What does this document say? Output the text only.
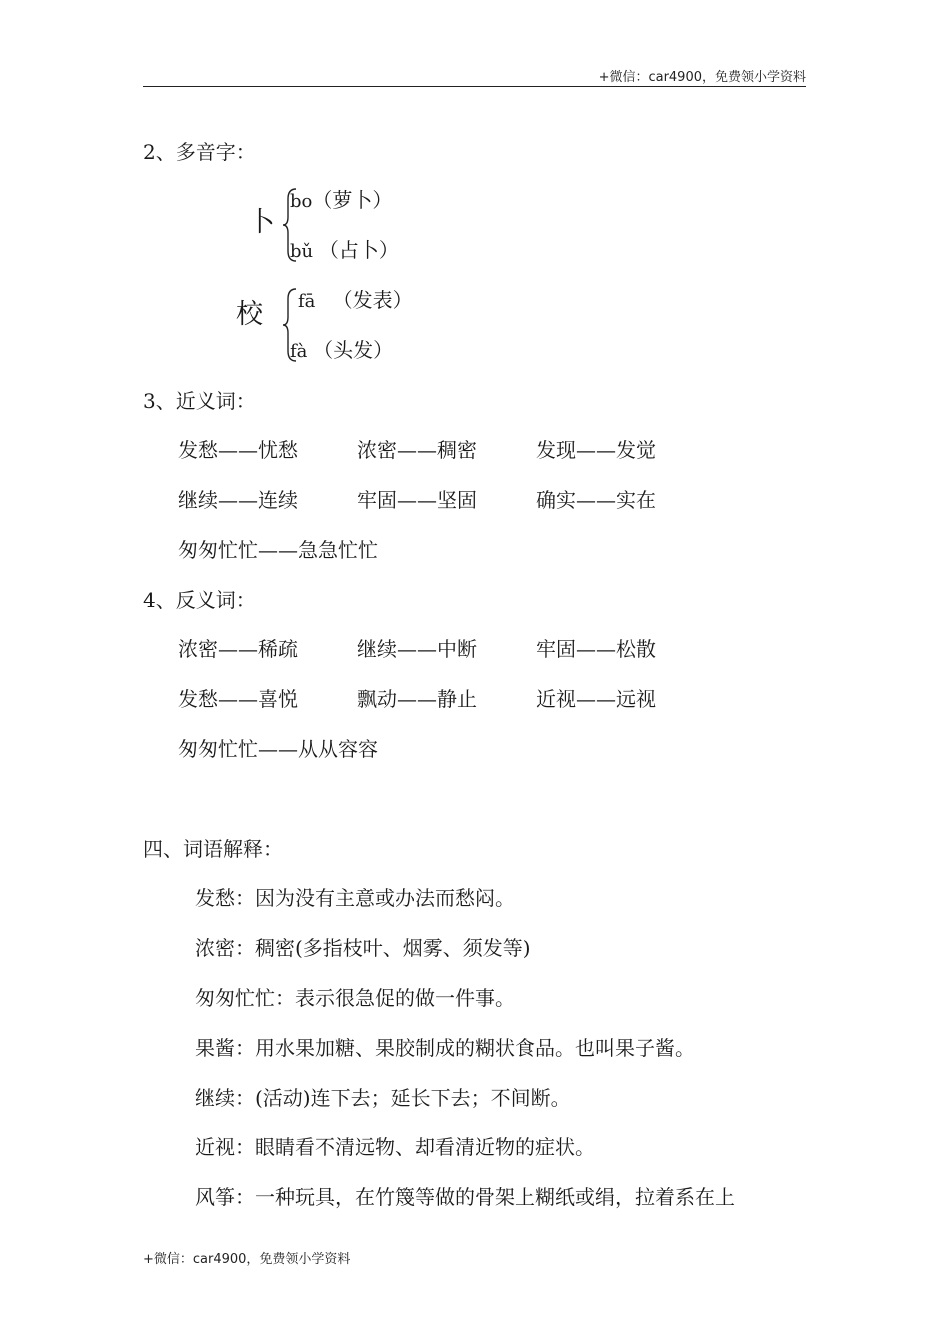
+微信：car4900，免费领小学资料
2、多音字：
卜
bo（萝卜）
bǔ （占卜）
校 fā （发表）
fà （头发）
3、近义词：
发愁——忧愁	浓密——稠密	发现——发觉
继续——连续	牢固——坚固	确实——实在
匆匆忙忙——急急忙忙
4、反义词：
浓密——稀疏	继续——中断	牢固——松散
发愁——喜悦	飘动——静止	近视——远视
匆匆忙忙——从从容容
四、词语解释：
发愁：因为没有主意或办法而愁闷。
浓密：稠密(多指枝叶、烟雾、须发等)
匆匆忙忙：表示很急促的做一件事。
果酱：用水果加糖、果胶制成的糊状食品。也叫果子酱。
继续：(活动)连下去；延长下去；不间断。
近视：眼睛看不清远物、却看清近物的症状。
风筝：一种玩具，在竹篾等做的骨架上糊纸或绢，拉着系在上
+微信：car4900，免费领小学资料
